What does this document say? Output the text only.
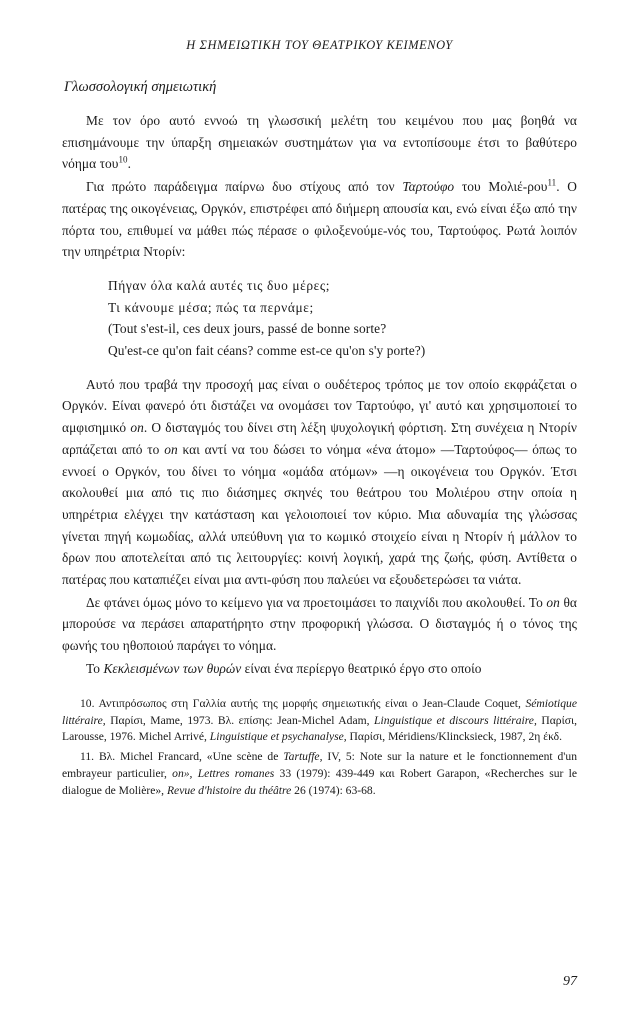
Η ΣΗΜΕΙΩΤΙΚΗ ΤΟΥ ΘΕΑΤΡΙΚΟΥ ΚΕΙΜΕΝΟΥ
Γλωσσολογική σημειωτική

Με τον όρο αυτό εννοώ τη γλωσσική μελέτη του κειμένου που μας βοηθά να επισημάνουμε την ύπαρξη σημειακών συστημάτων για να εντοπίσουμε έτσι το βαθύτερο νόημα του$^{10}$.

Για πρώτο παράδειγμα παίρνω δυο στίχους από τον Ταρτούφο του Μολιέ-ρου$^{11}$. Ο πατέρας της οικογένειας, Οργκόν, επιστρέφει από διήμερη απουσία και, ενώ είναι έξω από την πόρτα του, επιθυμεί να μάθει πώς πέρασε ο φιλοξενούμε-νός του, Ταρτούφος. Ρωτά λοιπόν την υπηρέτρια Ντορίν:

Πήγαν όλα καλά αυτές τις δυο μέρες;
Τι κάνουμε μέσα; πώς τα περνάμε;
(Tout s'est-il, ces deux jours, passé de bonne sorte?
Qu'est-ce qu'on fait céans? comme est-ce qu'on s'y porte?)

Αυτό που τραβά την προσοχή μας είναι ο ουδέτερος τρόπος με τον οποίο εκφράζεται ο Οργκόν. Είναι φανερό ότι διστάζει να ονομάσει τον Ταρτούφο, γι' αυτό και χρησιμοποιεί το αμφισημικό on. Ο δισταγμός του δίνει στη λέξη ψυχολογική φόρτιση. Στη συνέχεια η Ντορίν αρπάζεται από το on και αντί να του δώσει το νόημα «ένα άτομο» —Ταρτούφος— όπως το εννοεί ο Οργκόν, του δίνει το νόημα «ομάδα ατόμων» —η οικογένεια του Οργκόν. Έτσι ακολουθεί μια από τις πιο διάσημες σκηνές του θεάτρου του Μολιέρου στην οποία η υπηρέτρια ελέγχει την κατάσταση και γελοιοποιεί τον κύριο. Μια αδυναμία της γλώσσας γίνεται πηγή κωμωδίας, αλλά υπεύθυνη για το κωμικό στοιχείο είναι η Ντορίν ή μάλλον το δρων που αποτελείται από τις λειτουργίες: κοινή λογική, χαρά της ζωής, φύση. Αντίθετα ο πατέρας που καταπιέζει είναι μια αντι-φύση που παλεύει να εξουδετερώσει τα νιάτα.

Δε φτάνει όμως μόνο το κείμενο για να προετοιμάσει το παιχνίδι που ακολουθεί. Το on θα μπορούσε να περάσει απαρατήρητο στην προφορική γλώσσα. Ο δισταγμός ή ο τόνος της φωνής του ηθοποιού παράγει το νόημα.

Το Κεκλεισμένων των θυρών είναι ένα περίεργο θεατρικό έργο στο οποίο

10. Αντιπρόσωπος στη Γαλλία αυτής της μορφής σημειωτικής είναι ο Jean-Claude Coquet, Sémiotique littéraire, Παρίσι, Mame, 1973. Βλ. επίσης: Jean-Michel Adam, Linguistique et discours littéraire, Παρίσι, Larousse, 1976. Michel Arrivé, Linguistique et psychanalyse, Παρίσι, Méridiens/Klincksieck, 1987, 2η έκδ.

11. Βλ. Michel Francard, «Une scène de Tartuffe, IV, 5: Note sur la nature et le fonctionnement d'un embrayeur particulier, on», Lettres romanes 33 (1979): 439-449 και Robert Garapon, «Recherches sur le dialogue de Molière», Revue d'histoire du théâtre 26 (1974): 63-68.

97
